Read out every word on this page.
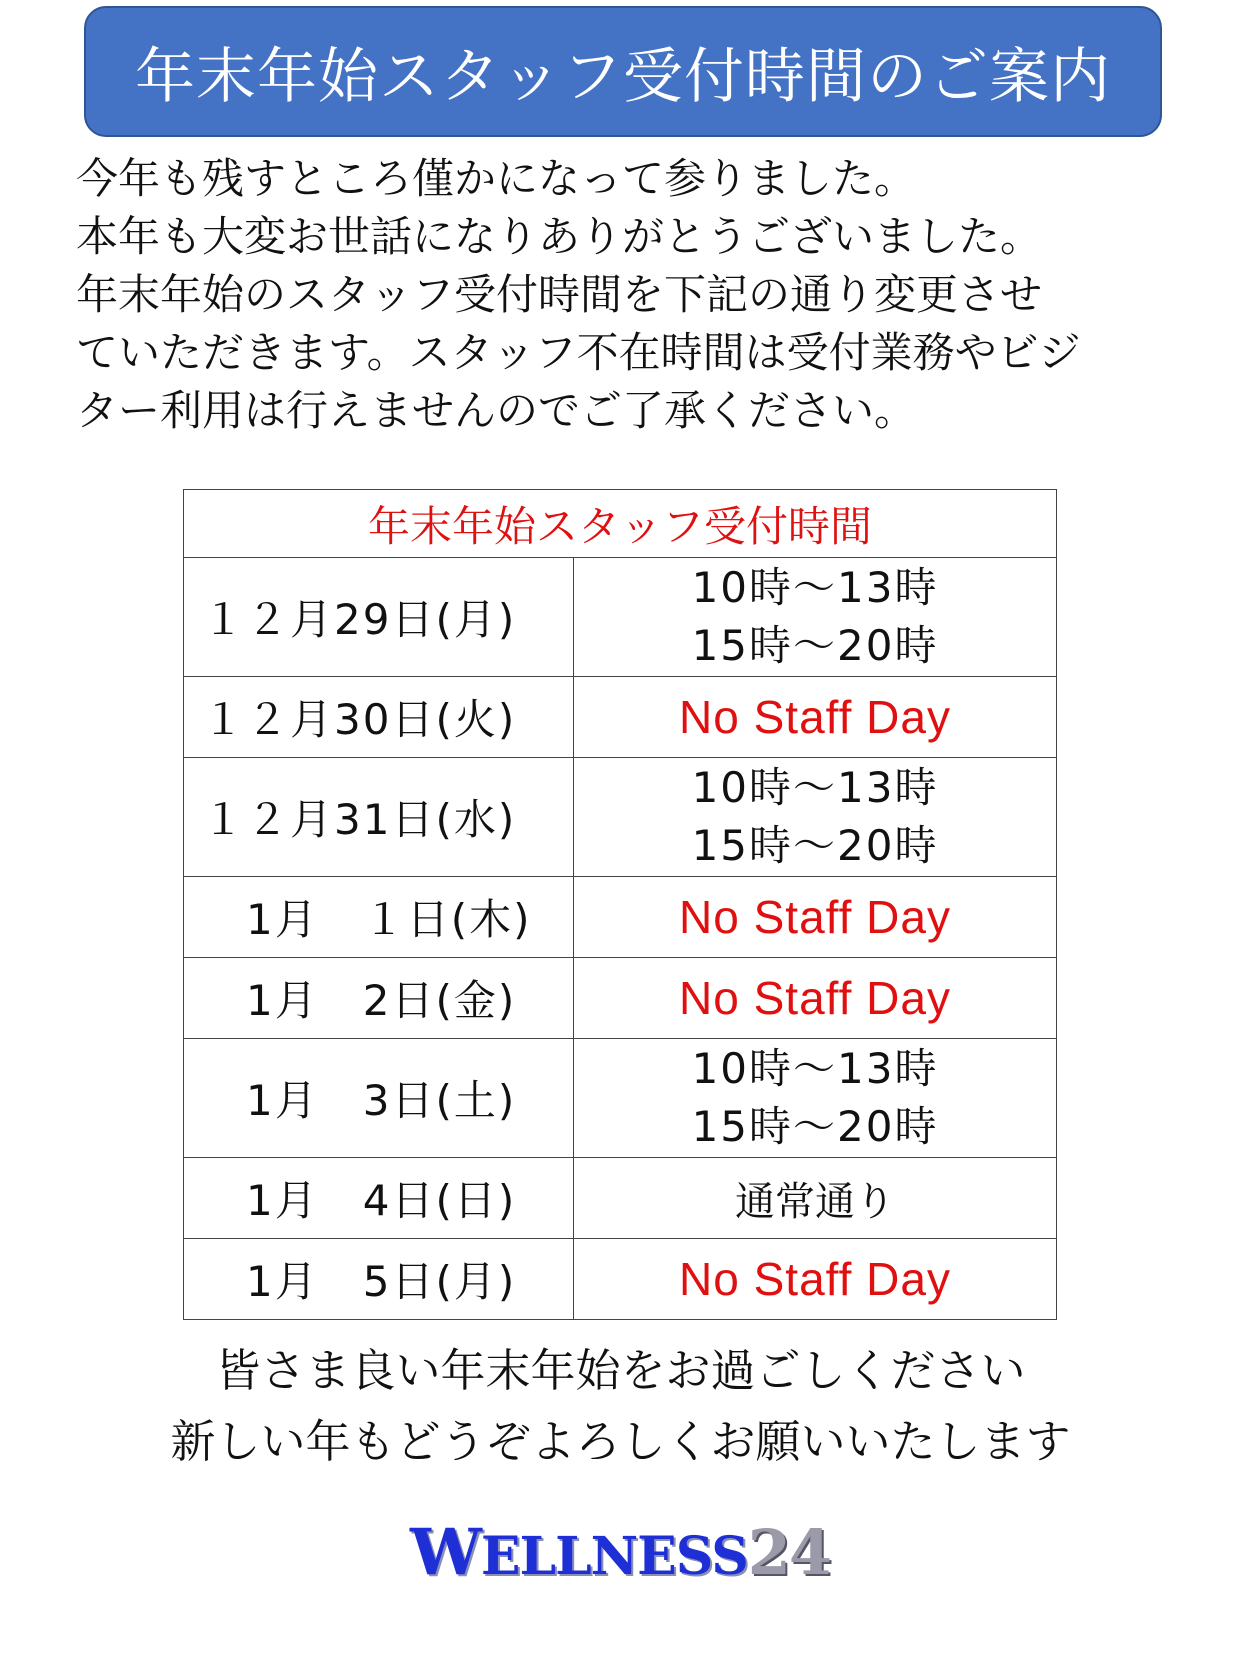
年末年始スタッフ受付時間のご案内
今年も残すところ僅かになって参りました。
本年も大変お世話になりありがとうございました。
年末年始のスタッフ受付時間を下記の通り変更させ
ていただきます。スタッフ不在時間は受付業務やビジ
ター利用は行えませんのでご了承ください。
年末年始スタッフ受付時間	
１２月29日(月)	10時～13時
15時～20時

１２月30日(火)	No Staff Day
１２月31日(水)	10時～13時
15時～20時

1月　１日(木)	No Staff Day
1月　2日(金)	No Staff Day
1月　3日(土)	10時～13時
15時～20時

1月　4日(日)	通常通り
1月　5日(月)	No Staff Day
皆さま良い年末年始をお過ごしください
新しい年もどうぞよろしくお願いいたします
WELLNESS24
